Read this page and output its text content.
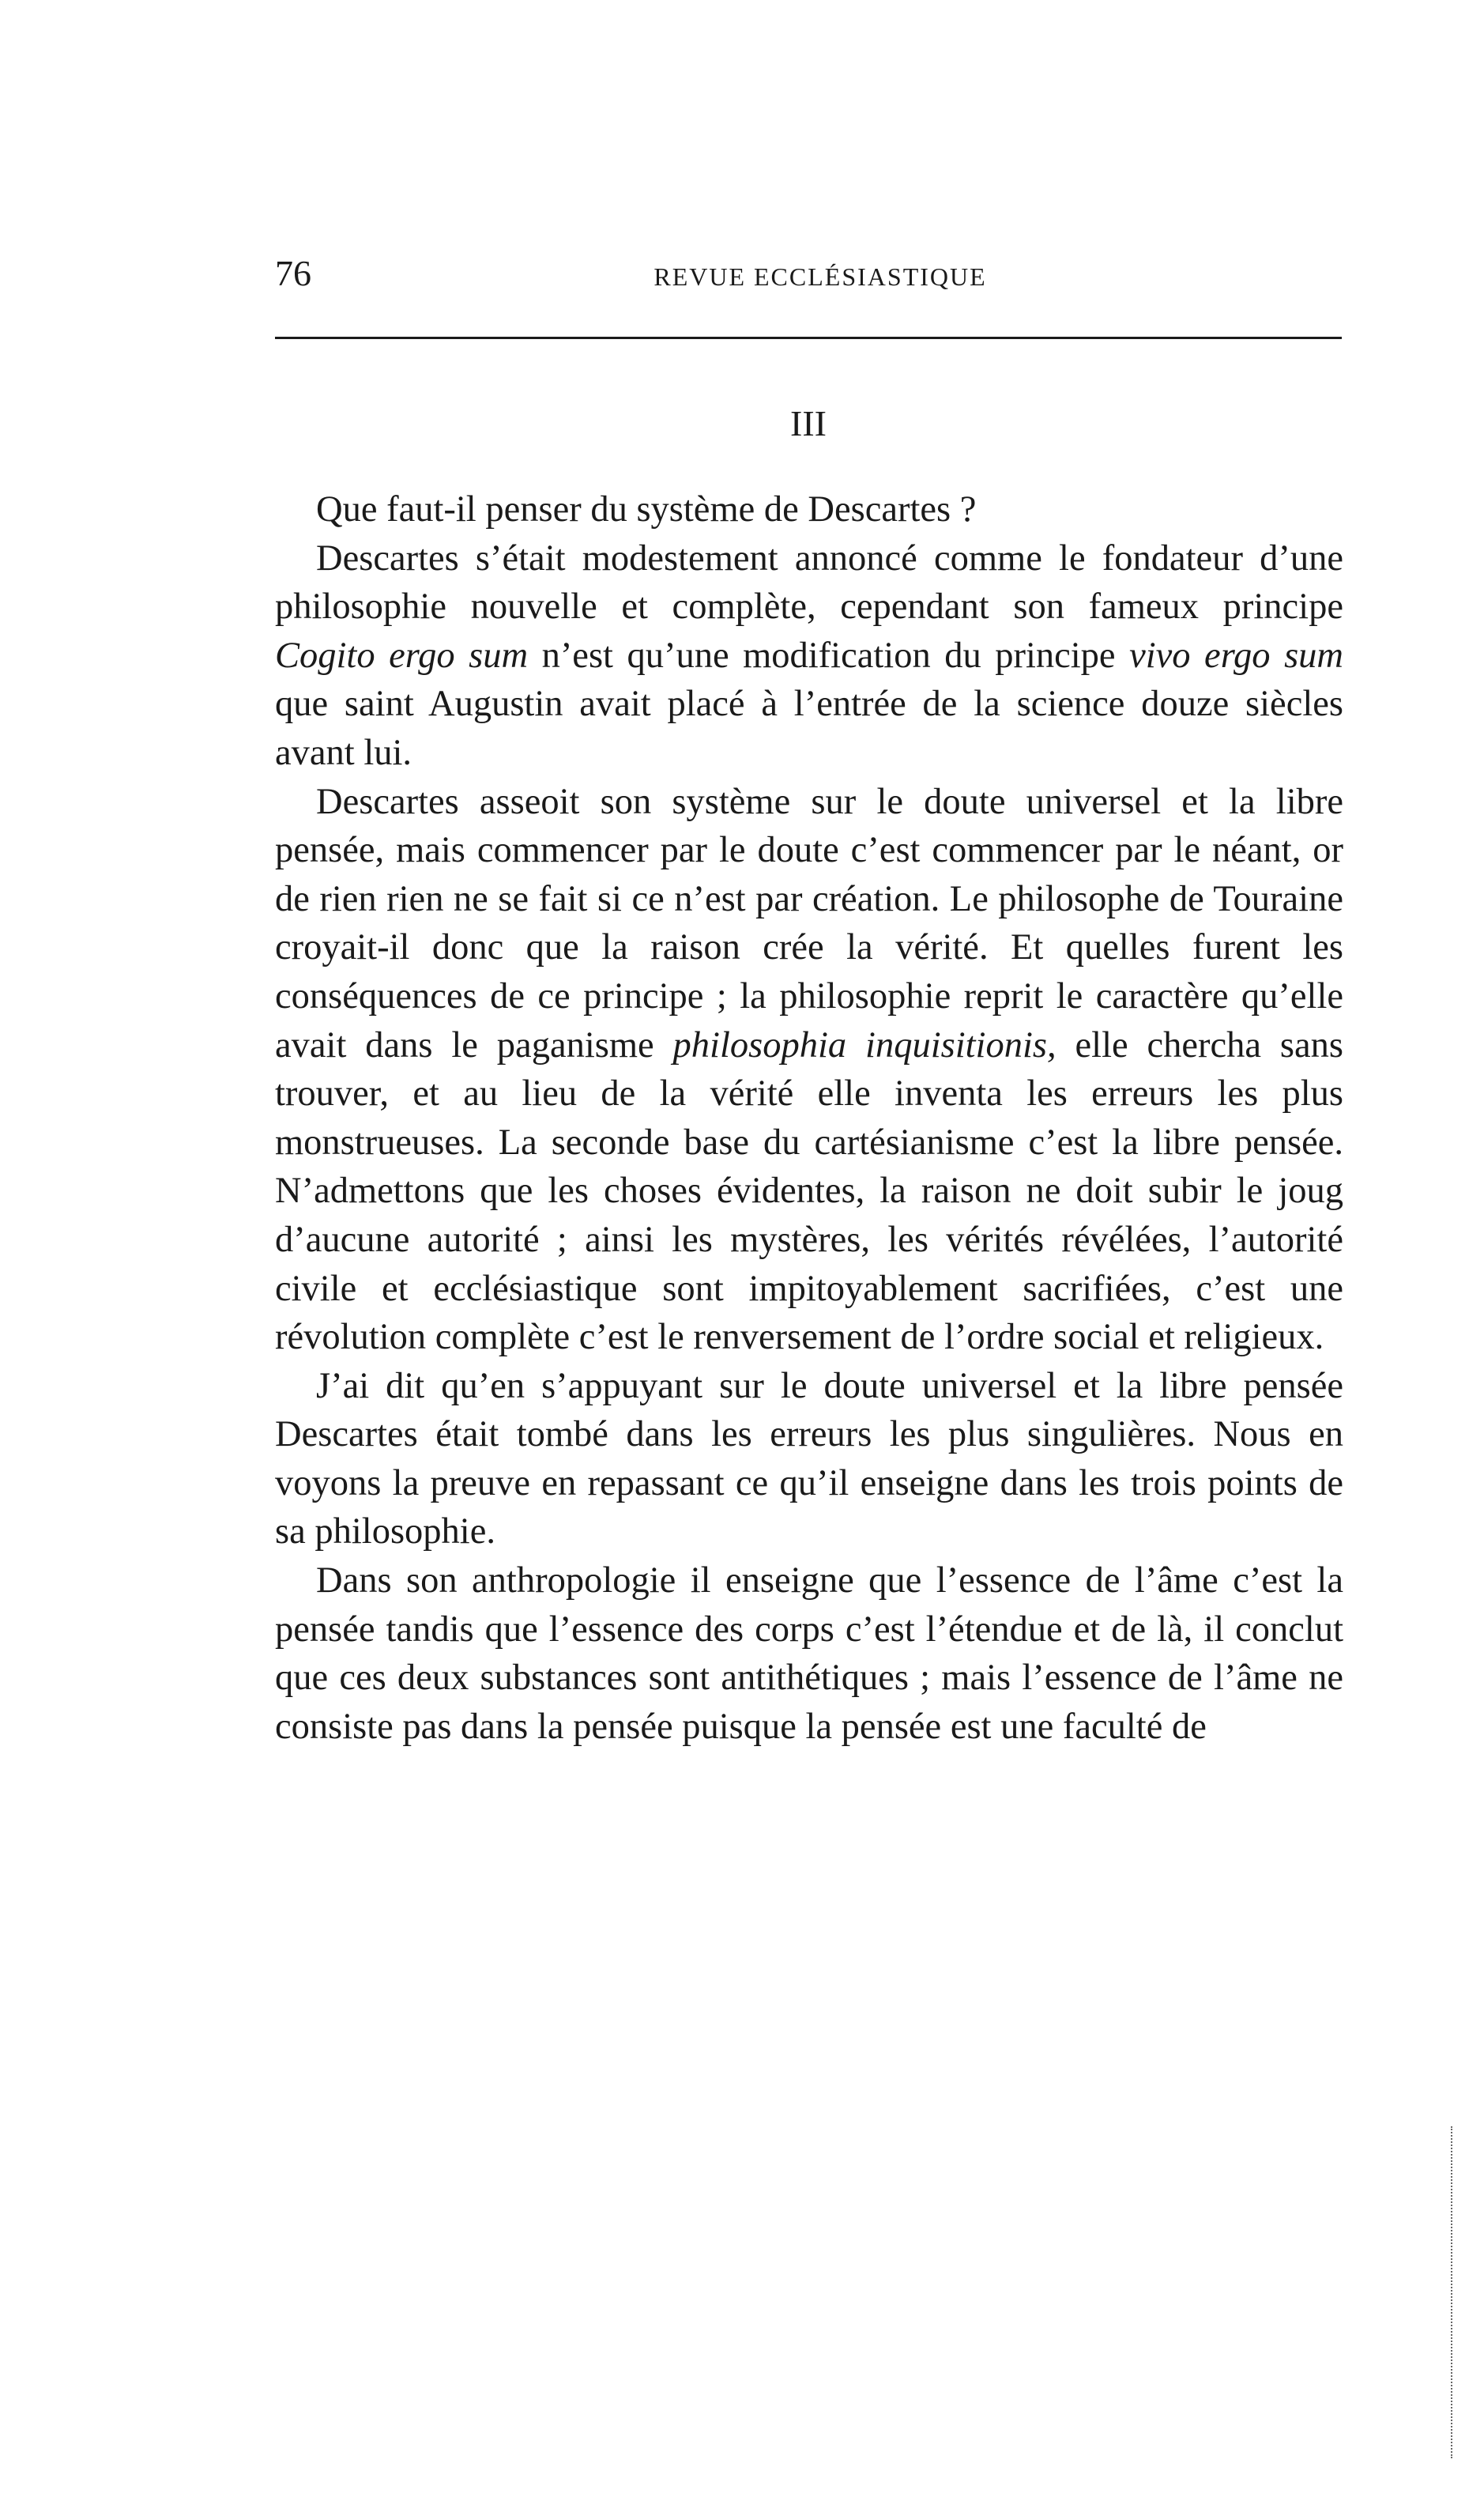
76	REVUE ECCLÉSIASTIQUE
III

Que faut-il penser du système de Descartes ?

Descartes s’était modestement annoncé comme le fondateur d’une philosophie nouvelle et complète, cependant son fameux principe Cogito ergo sum n’est qu’une modification du principe vivo ergo sum que saint Augustin avait placé à l’entrée de la science douze siècles avant lui.

Descartes asseoit son système sur le doute universel et la libre pensée, mais commencer par le doute c’est commencer par le néant, or de rien rien ne se fait si ce n’est par création. Le philosophe de Touraine croyait-il donc que la raison crée la vérité. Et quelles furent les conséquences de ce principe ; la philosophie reprit le caractère qu’elle avait dans le paganisme philosophia inquisitionis, elle chercha sans trouver, et au lieu de la vérité elle inventa les erreurs les plus monstrueuses. La seconde base du cartésianisme c’est la libre pensée. N’admettons que les choses évidentes, la raison ne doit subir le joug d’aucune autorité ; ainsi les mystères, les vérités révélées, l’autorité civile et ecclésiastique sont impitoyablement sacrifiées, c’est une révolution complète c’est le renversement de l’ordre social et religieux.

J’ai dit qu’en s’appuyant sur le doute universel et la libre pensée Descartes était tombé dans les erreurs les plus singulières. Nous en voyons la preuve en repassant ce qu’il enseigne dans les trois points de sa philosophie.

Dans son anthropologie il enseigne que l’essence de l’âme c’est la pensée tandis que l’essence des corps c’est l’étendue et de là, il conclut que ces deux substances sont antithétiques ; mais l’essence de l’âme ne consiste pas dans la pensée puisque la pensée est une faculté de
